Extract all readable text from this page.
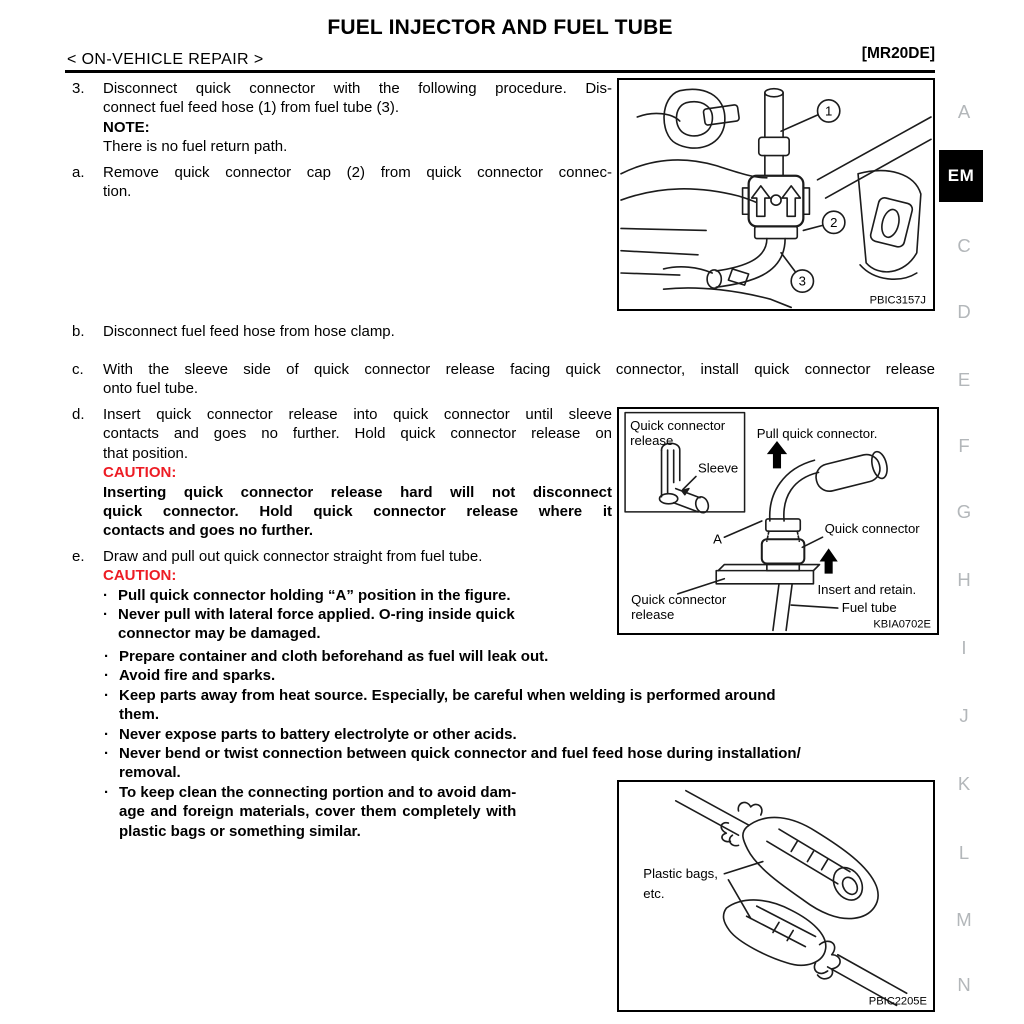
FUEL INJECTOR AND FUEL TUBE
< ON-VEHICLE REPAIR >	[MR20DE]
3.	Disconnect quick connector with the following procedure. Dis-
connect fuel feed hose (1) from fuel tube (3).
NOTE:
There is no fuel return path.
a.	Remove quick connector cap (2) from quick connector connec-
tion.
b.	Disconnect fuel feed hose from hose clamp.
c.	With the sleeve side of quick connector release facing quick connector, install quick connector release
onto fuel tube.
d.	Insert quick connector release into quick connector until sleeve
contacts and goes no further. Hold quick connector release on
that position.
CAUTION:
Inserting quick connector release hard will not disconnect
quick connector. Hold quick connector release where it
contacts and goes no further.
e.	Draw and pull out quick connector straight from fuel tube.
CAUTION:
· Pull quick connector holding “A” position in the figure.
· Never pull with lateral force applied. O-ring inside quick
connector may be damaged.
· Prepare container and cloth beforehand as fuel will leak out.
· Avoid fire and sparks.
· Keep parts away from heat source. Especially, be careful when welding is performed around
them.
· Never expose parts to battery electrolyte or other acids.
· Never bend or twist connection between quick connector and fuel feed hose during installation/
removal.
· To keep clean the connecting portion and to avoid dam-
age and foreign materials, cover them completely with
plastic bags or something similar.
1
2
3
PBIC3157J
Quick connector
release
Sleeve
Pull quick connector.
A
Quick connector
Insert and retain.
Quick connector
release	Fuel tube
KBIA0702E
Plastic bags,
etc.
PBIC2205E
A
EM
C
D
E
F
G
H
I
J
K
L
M
N
